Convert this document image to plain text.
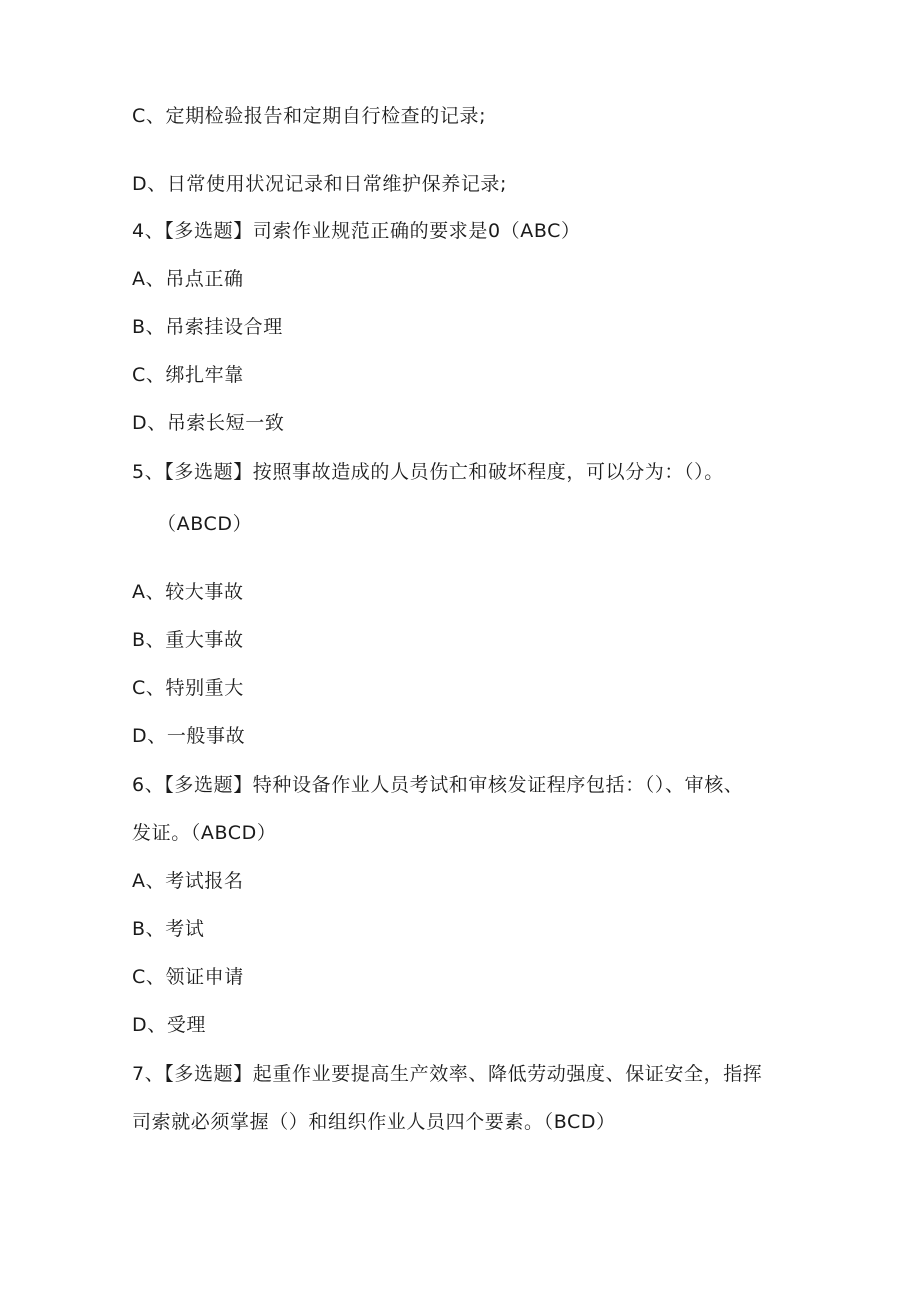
C、定期检验报告和定期自行检查的记录;
D、日常使用状况记录和日常维护保养记录;
4、【多选题】司索作业规范正确的要求是0（ABC）
A、吊点正确
B、吊索挂设合理
C、绑扎牢靠
D、吊索长短一致
5、【多选题】按照事故造成的人员伤亡和破坏程度，可以分为：（）。
（ABCD）
A、较大事故
B、重大事故
C、特别重大
D、一般事故
6、【多选题】特种设备作业人员考试和审核发证程序包括：（）、审核、
发证。（ABCD）
A、考试报名
B、考试
C、领证申请
D、受理
7、【多选题】起重作业要提高生产效率、降低劳动强度、保证安全，指挥
司索就必须掌握（）和组织作业人员四个要素。（BCD）
